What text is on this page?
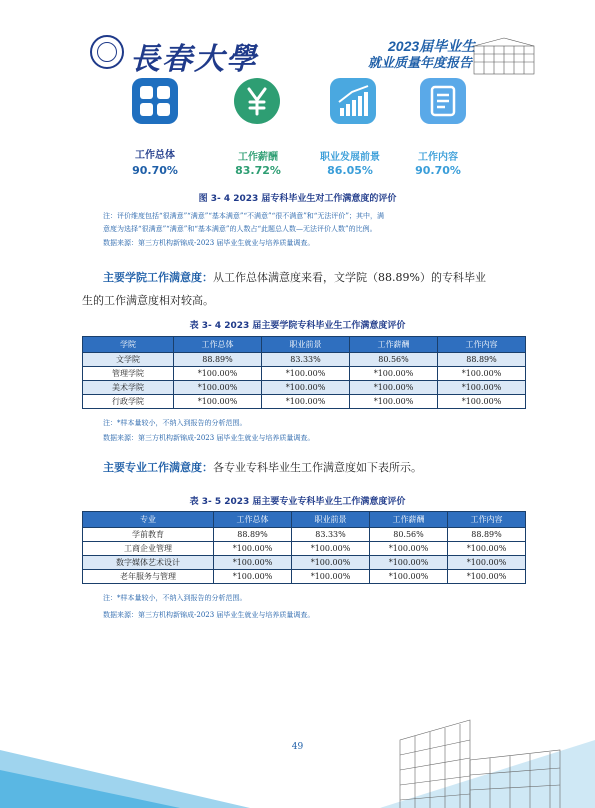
長春大學	2023届毕业生
就业质量年度报告
工作总体
90.70%
工作薪酬
83.72%
职业发展前景
86.05%
工作内容
90.70%
图 3- 4 2023 届专科毕业生对工作满意度的评价
注：评价维度包括“很满意”“满意”“基本满意”“不满意”“很不满意”和“无法评价”；其中，满
意度为选择“很满意”“满意”和“基本满意”的人数占“此题总人数—无法评价人数”的比例。
数据来源：第三方机构新锦成-2023 届毕业生就业与培养质量调查。
主要学院工作满意度：从工作总体满意度来看，文学院（88.89%）的专科毕业
生的工作满意度相对较高。
表 3- 4 2023 届主要学院专科毕业生工作满意度评价
学院	工作总体	职业前景	工作薪酬	工作内容
文学院	88.89%	83.33%	80.56%	88.89%
管理学院	*100.00%	*100.00%	*100.00%	*100.00%
美术学院	*100.00%	*100.00%	*100.00%	*100.00%
行政学院	*100.00%	*100.00%	*100.00%	*100.00%
注：*样本量较小，不纳入到报告的分析范围。
数据来源：第三方机构新锦成-2023 届毕业生就业与培养质量调查。
主要专业工作满意度：各专业专科毕业生工作满意度如下表所示。
表 3- 5 2023 届主要专业专科毕业生工作满意度评价
专业	工作总体	职业前景	工作薪酬	工作内容
学前教育	88.89%	83.33%	80.56%	88.89%
工商企业管理	*100.00%	*100.00%	*100.00%	*100.00%
数字媒体艺术设计	*100.00%	*100.00%	*100.00%	*100.00%
老年服务与管理	*100.00%	*100.00%	*100.00%	*100.00%
注：*样本量较小，不纳入到报告的分析范围。
数据来源：第三方机构新锦成-2023 届毕业生就业与培养质量调查。
49
